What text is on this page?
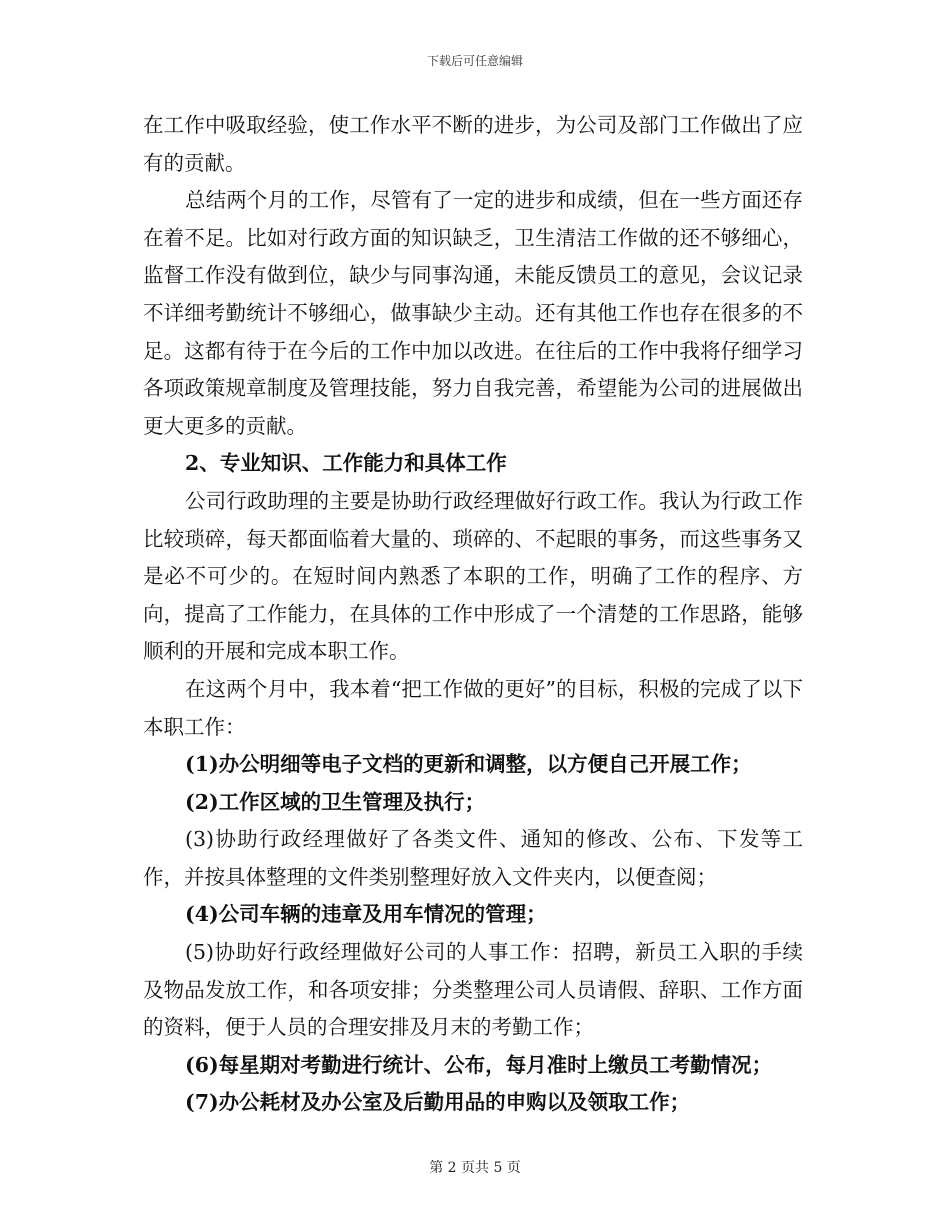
下载后可任意编辑

在工作中吸取经验，使工作水平不断的进步，为公司及部门工作做出了应有的贡献。

总结两个月的工作，尽管有了一定的进步和成绩，但在一些方面还存在着不足。比如对行政方面的知识缺乏，卫生清洁工作做的还不够细心，监督工作没有做到位，缺少与同事沟通，未能反馈员工的意见，会议记录不详细考勤统计不够细心，做事缺少主动。还有其他工作也存在很多的不足。这都有待于在今后的工作中加以改进。在往后的工作中我将仔细学习各项政策规章制度及管理技能，努力自我完善，希望能为公司的进展做出更大更多的贡献。

2、专业知识、工作能力和具体工作

公司行政助理的主要是协助行政经理做好行政工作。我认为行政工作比较琐碎，每天都面临着大量的、琐碎的、不起眼的事务，而这些事务又是必不可少的。在短时间内熟悉了本职的工作，明确了工作的程序、方向，提高了工作能力，在具体的工作中形成了一个清楚的工作思路，能够顺利的开展和完成本职工作。

在这两个月中，我本着“把工作做的更好”的目标，积极的完成了以下本职工作：

(1)办公明细等电子文档的更新和调整，以方便自己开展工作；

(2)工作区域的卫生管理及执行；

(3)协助行政经理做好了各类文件、通知的修改、公布、下发等工作，并按具体整理的文件类别整理好放入文件夹内，以便查阅；

(4)公司车辆的违章及用车情况的管理；

(5)协助好行政经理做好公司的人事工作：招聘，新员工入职的手续及物品发放工作，和各项安排；分类整理公司人员请假、辞职、工作方面的资料，便于人员的合理安排及月末的考勤工作；

(6)每星期对考勤进行统计、公布，每月准时上缴员工考勤情况；

(7)办公耗材及办公室及后勤用品的申购以及领取工作；

第 2 页共 5 页
